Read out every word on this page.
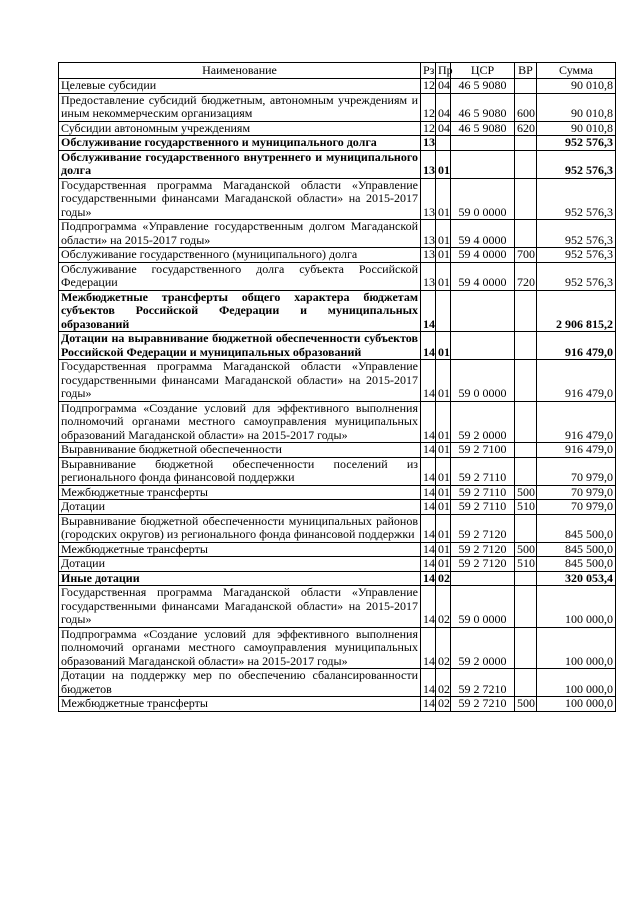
Наименование	Рз	Пр	ЦСР	ВР	Сумма
Целевые субсидии	12	04	46 5 9080		90 010,8
Предоставление субсидий бюджетным, автономным учреждениям и иным некоммерческим организациям	12	04	46 5 9080	600	90 010,8
Субсидии автономным учреждениям	12	04	46 5 9080	620	90 010,8
Обслуживание государственного и муниципального долга	13				952 576,3
Обслуживание государственного внутреннего и муниципального долга	13	01			952 576,3
Государственная программа Магаданской области «Управление государственными финансами Магаданской области» на 2015-2017 годы»	13	01	59 0 0000		952 576,3
Подпрограмма «Управление государственным долгом Магаданской области» на 2015-2017 годы»	13	01	59 4 0000		952 576,3
Обслуживание государственного (муниципального) долга	13	01	59 4 0000	700	952 576,3
Обслуживание государственного долга субъекта Российской Федерации	13	01	59 4 0000	720	952 576,3
Межбюджетные трансферты общего характера бюджетам субъектов Российской Федерации и муниципальных образований	14				2 906 815,2
Дотации на выравнивание бюджетной обеспеченности субъектов Российской Федерации и муниципальных образований	14	01			916 479,0
Государственная программа Магаданской области «Управление государственными финансами Магаданской области» на 2015-2017 годы»	14	01	59 0 0000		916 479,0
Подпрограмма «Создание условий для эффективного выполнения полномочий органами местного самоуправления муниципальных образований Магаданской области» на 2015-2017 годы»	14	01	59 2 0000		916 479,0
Выравнивание бюджетной обеспеченности	14	01	59 2 7100		916 479,0
Выравнивание бюджетной обеспеченности поселений из регионального фонда финансовой поддержки	14	01	59 2 7110		70 979,0
Межбюджетные трансферты	14	01	59 2 7110	500	70 979,0
Дотации	14	01	59 2 7110	510	70 979,0
Выравнивание бюджетной обеспеченности муниципальных районов (городских округов) из регионального фонда финансовой поддержки	14	01	59 2 7120		845 500,0
Межбюджетные трансферты	14	01	59 2 7120	500	845 500,0
Дотации	14	01	59 2 7120	510	845 500,0
Иные дотации	14	02			320 053,4
Государственная программа Магаданской области «Управление государственными финансами Магаданской области» на 2015-2017 годы»	14	02	59 0 0000		100 000,0
Подпрограмма «Создание условий для эффективного выполнения полномочий органами местного самоуправления муниципальных образований Магаданской области» на 2015-2017 годы»	14	02	59 2 0000		100 000,0
Дотации на поддержку мер по обеспечению сбалансированности бюджетов	14	02	59 2 7210		100 000,0
Межбюджетные трансферты	14	02	59 2 7210	500	100 000,0
